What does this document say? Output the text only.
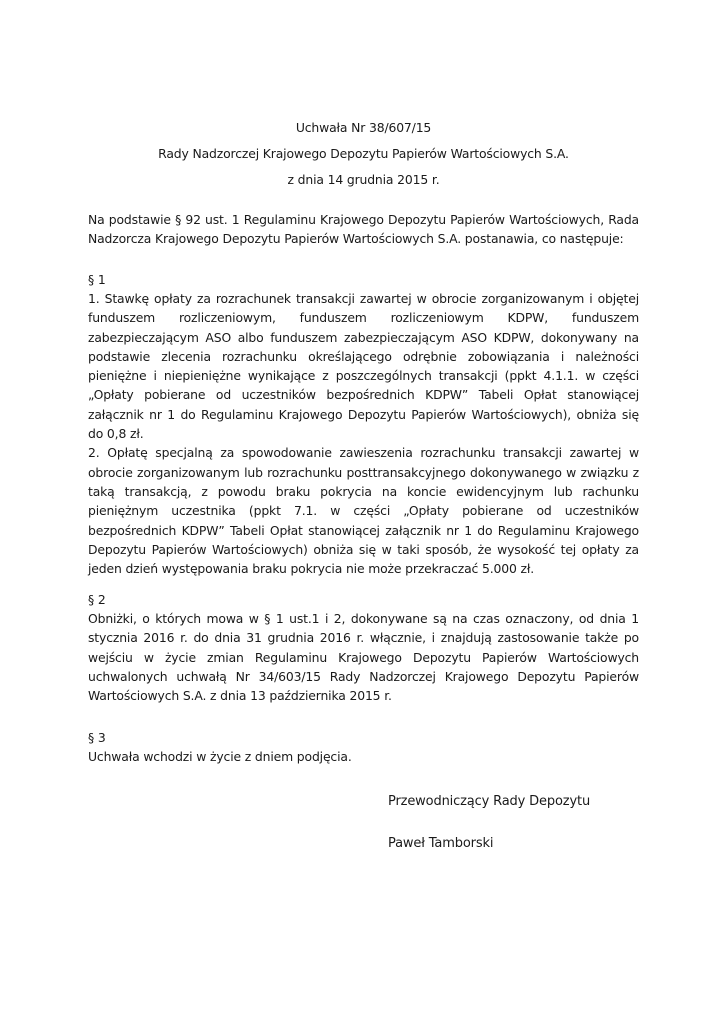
Uchwała Nr 38/607/15
Rady Nadzorczej Krajowego Depozytu Papierów Wartościowych S.A.
z dnia 14 grudnia 2015 r.

Na podstawie § 92 ust. 1 Regulaminu Krajowego Depozytu Papierów Wartościowych, Rada Nadzorcza Krajowego Depozytu Papierów Wartościowych S.A. postanawia, co następuje:

§ 1

1. Stawkę opłaty za rozrachunek transakcji zawartej w obrocie zorganizowanym i objętej funduszem rozliczeniowym, funduszem rozliczeniowym KDPW, funduszem zabezpieczającym ASO albo funduszem zabezpieczającym ASO KDPW, dokonywany na podstawie zlecenia rozrachunku określającego odrębnie zobowiązania i należności pieniężne i niepieniężne wynikające z poszczególnych transakcji (ppkt 4.1.1. w części „Opłaty pobierane od uczestników bezpośrednich KDPW” Tabeli Opłat stanowiącej załącznik nr 1 do Regulaminu Krajowego Depozytu Papierów Wartościowych), obniża się do 0,8 zł.

2. Opłatę specjalną za spowodowanie zawieszenia rozrachunku transakcji zawartej w obrocie zorganizowanym lub rozrachunku posttransakcyjnego dokonywanego w związku z taką transakcją, z powodu braku pokrycia na koncie ewidencyjnym lub rachunku pieniężnym uczestnika (ppkt 7.1. w części „Opłaty pobierane od uczestników bezpośrednich KDPW” Tabeli Opłat stanowiącej załącznik nr 1 do Regulaminu Krajowego Depozytu Papierów Wartościowych) obniża się w taki sposób, że wysokość tej opłaty za jeden dzień występowania braku pokrycia nie może przekraczać 5.000 zł.

§ 2

Obniżki, o których mowa w § 1 ust.1 i 2, dokonywane są na czas oznaczony, od dnia 1 stycznia 2016 r. do dnia 31 grudnia 2016 r. włącznie, i znajdują zastosowanie także po wejściu w życie zmian Regulaminu Krajowego Depozytu Papierów Wartościowych uchwalonych uchwałą Nr 34/603/15 Rady Nadzorczej Krajowego Depozytu Papierów Wartościowych S.A. z dnia 13 października 2015 r.

§ 3

Uchwała wchodzi w życie z dniem podjęcia.

Przewodniczący Rady Depozytu
Paweł Tamborski
